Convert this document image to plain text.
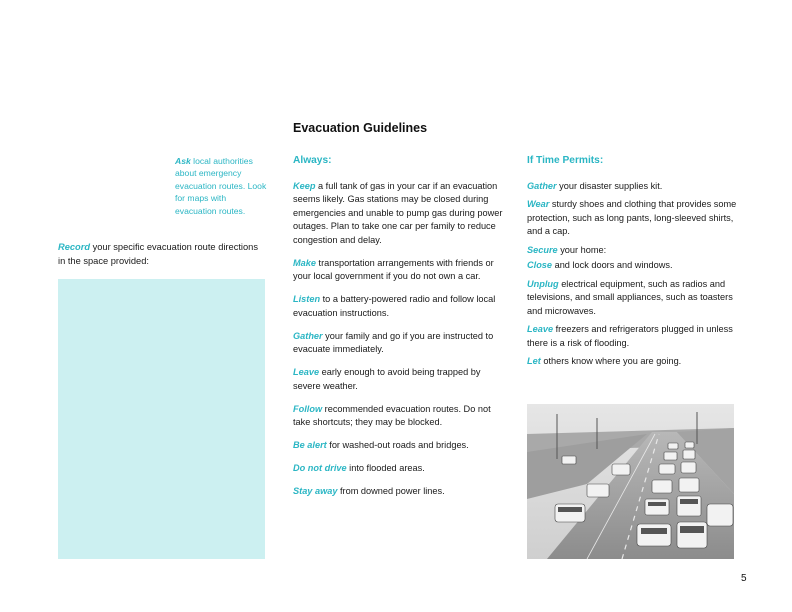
Evacuation Guidelines
Ask local authorities about emergency evacuation routes. Look for maps with evacuation routes.
Record your specific evacuation route directions in the space provided:
Always:
Keep a full tank of gas in your car if an evacuation seems likely. Gas stations may be closed during emergencies and unable to pump gas during power outages. Plan to take one car per family to reduce congestion and delay.
Make transportation arrangements with friends or your local government if you do not own a car.
Listen to a battery-powered radio and follow local evacuation instructions.
Gather your family and go if you are instructed to evacuate immediately.
Leave early enough to avoid being trapped by severe weather.
Follow recommended evacuation routes. Do not take shortcuts; they may be blocked.
Be alert for washed-out roads and bridges.
Do not drive into flooded areas.
Stay away from downed power lines.
If Time Permits:
Gather your disaster supplies kit.
Wear sturdy shoes and clothing that provides some protection, such as long pants, long-sleeved shirts, and a cap.
Secure your home:
Close and lock doors and windows.
Unplug electrical equipment, such as radios and televisions, and small appliances, such as toasters and microwaves.
Leave freezers and refrigerators plugged in unless there is a risk of flooding.
Let others know where you are going.
5
